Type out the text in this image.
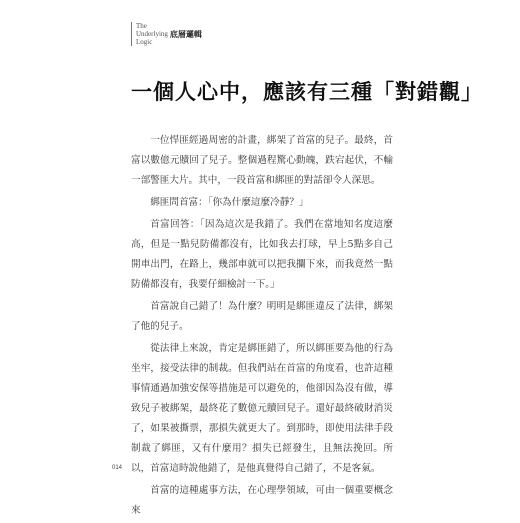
The
Underlying
Logic
底層邏輯
一個人心中，應該有三種「對錯觀」

一位悍匪經過周密的計畫，綁架了首富的兒子。最終，首富以數億元贖回了兒子。整個過程驚心動魄，跌宕起伏，不輸一部警匪大片。其中，一段首富和綁匪的對話卻令人深思。

綁匪問首富：「你為什麼這麼冷靜？」

首富回答：「因為這次是我錯了。我們在當地知名度這麼高，但是一點兒防備都沒有，比如我去打球，早上5點多自己開車出門，在路上，幾部車就可以把我攔下來，而我竟然一點防備都沒有，我要仔細檢討一下。」

首富說自己錯了！為什麼？明明是綁匪違反了法律，綁架了他的兒子。

從法律上來說，肯定是綁匪錯了，所以綁匪要為他的行為坐牢，接受法律的制裁。但我們站在首富的角度看，也許這種事情通過加強安保等措施是可以避免的，他卻因為沒有做，導致兒子被綁架，最終花了數億元贖回兒子。還好最終破財消災了，如果被撕票，那損失就更大了。到那時，即使用法律手段制裁了綁匪，又有什麼用？損失已經發生，且無法挽回。所以，首富這時說他錯了，是他真覺得自己錯了，不是客氣。

首富的這種處事方法，在心理學領域，可由一個重要概念來

014
